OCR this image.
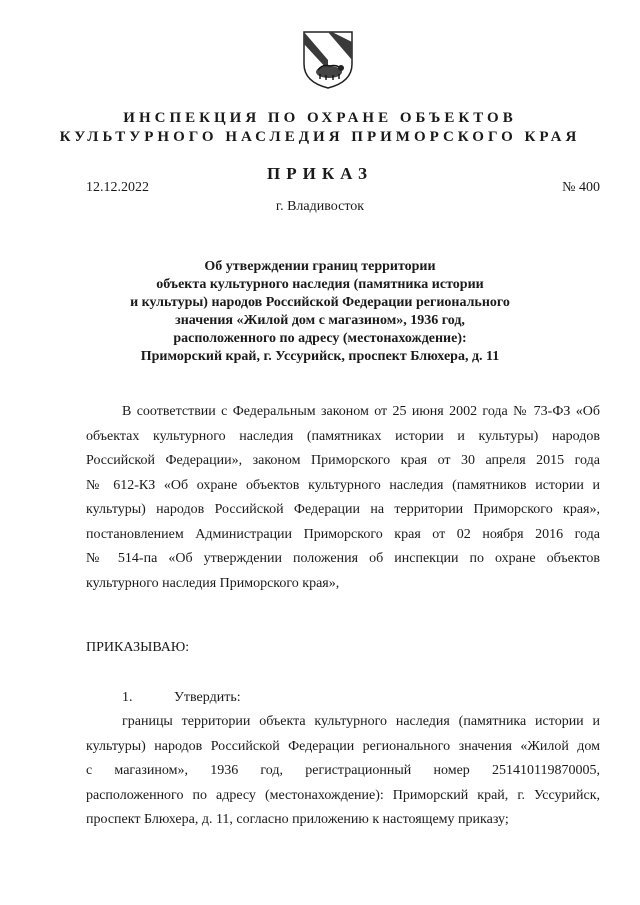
ИНСПЕКЦИЯ ПО ОХРАНЕ ОБЪЕКТОВ
КУЛЬТУРНОГО НАСЛЕДИЯ ПРИМОРСКОГО КРАЯ
ПРИКАЗ
12.12.2022	№ 400
г. Владивосток
Об утверждении границ территории
объекта культурного наследия (памятника истории
и культуры) народов Российской Федерации регионального
значения «Жилой дом с магазином», 1936 год,
расположенного по адресу (местонахождение):
Приморский край, г. Уссурийск, проспект Блюхера, д. 11
В соответствии с Федеральным законом от 25 июня 2002 года № 73-ФЗ «Об
объектах культурного наследия (памятниках истории и культуры) народов
Российской Федерации», законом Приморского края от 30 апреля 2015 года
№ 612-КЗ «Об охране объектов культурного наследия (памятников истории и
культуры) народов Российской Федерации на территории Приморского края»,
постановлением Администрации Приморского края от 02 ноября 2016 года
№ 514-па «Об утверждении положения об инспекции по охране объектов
культурного наследия Приморского края»,
ПРИКАЗЫВАЮ:
1.	Утвердить:
границы территории объекта культурного наследия (памятника истории и
культуры) народов Российской Федерации регионального значения «Жилой дом
с магазином», 1936 год, регистрационный номер 251410119870005,
расположенного по адресу (местонахождение): Приморский край, г. Уссурийск,
проспект Блюхера, д. 11, согласно приложению к настоящему приказу;
